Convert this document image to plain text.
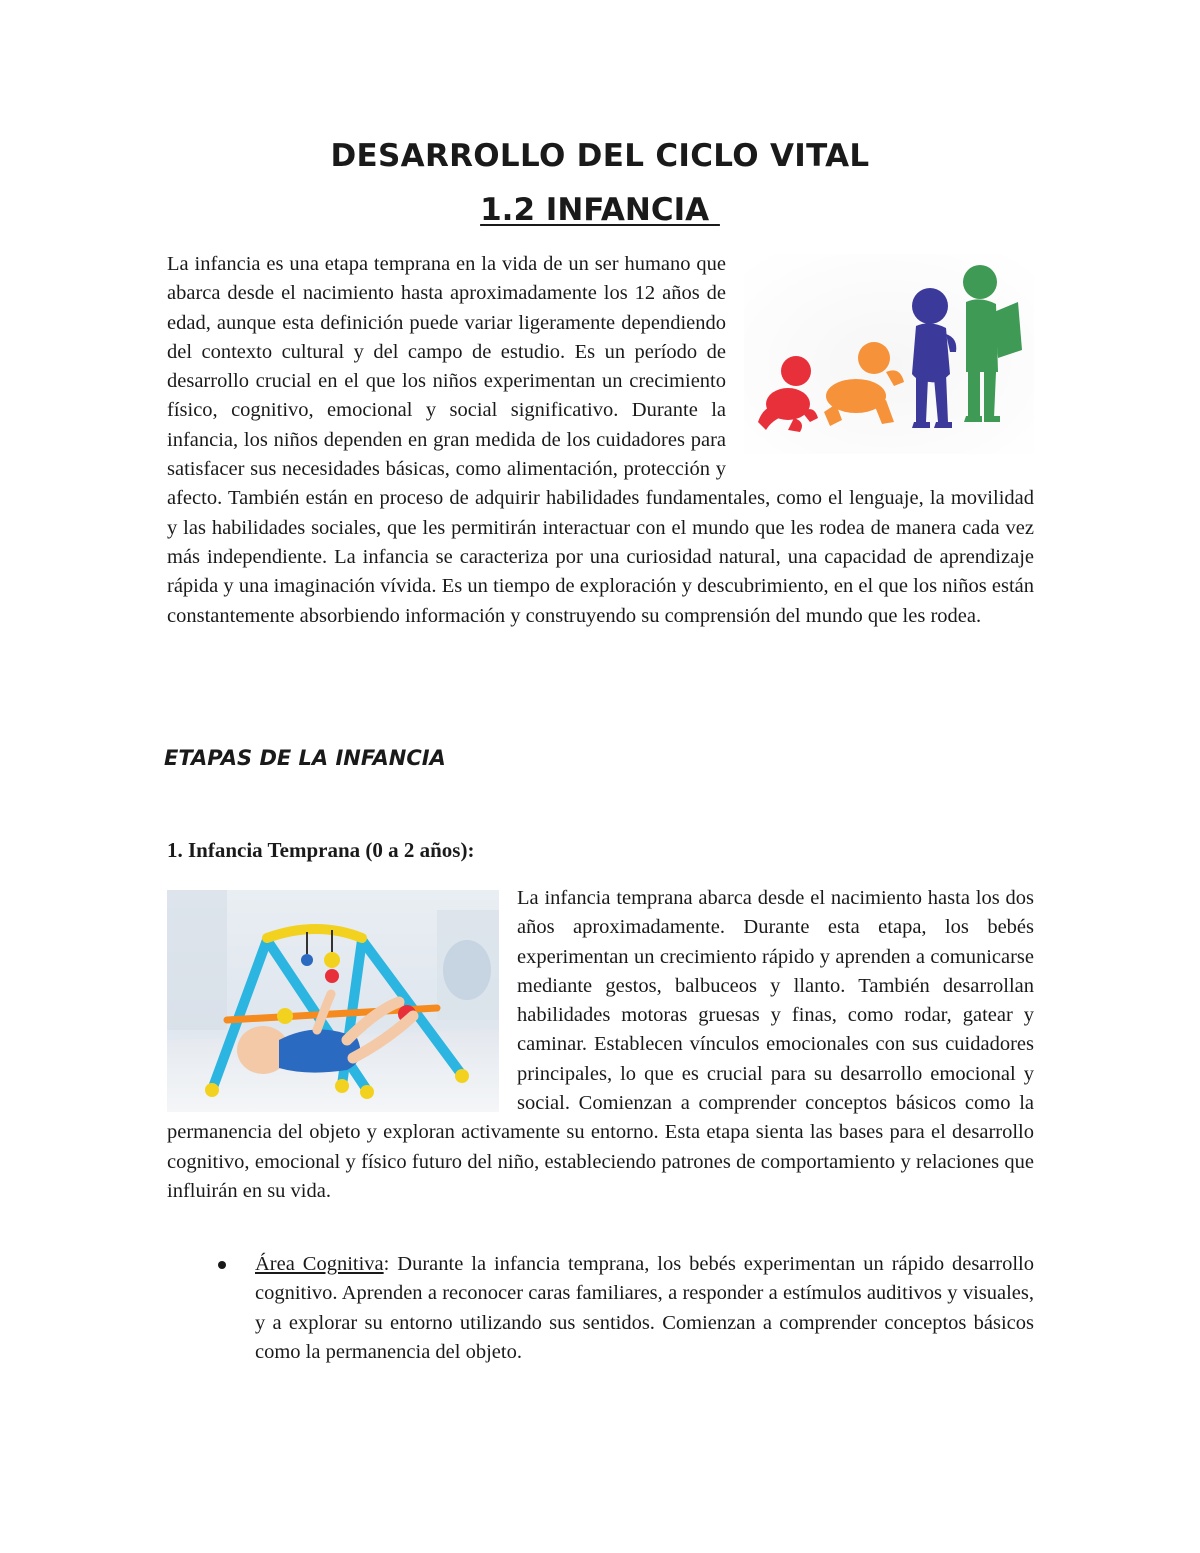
DESARROLLO DEL CICLO VITAL
1.2 INFANCIA

La infancia es una etapa temprana en la vida de un ser humano que abarca desde el nacimiento hasta aproximadamente los 12 años de edad, aunque esta definición puede variar ligeramente dependiendo del contexto cultural y del campo de estudio. Es un período de desarrollo crucial en el que los niños experimentan un crecimiento físico, cognitivo, emocional y social significativo. Durante la infancia, los niños dependen en gran medida de los cuidadores para satisfacer sus necesidades básicas, como alimentación, protección y afecto. También están en proceso de adquirir habilidades fundamentales, como el lenguaje, la movilidad y las habilidades sociales, que les permitirán interactuar con el mundo que les rodea de manera cada vez más independiente. La infancia se caracteriza por una curiosidad natural, una capacidad de aprendizaje rápida y una imaginación vívida. Es un tiempo de exploración y descubrimiento, en el que los niños están constantemente absorbiendo información y construyendo su comprensión del mundo que les rodea.

ETAPAS DE LA INFANCIA
1. Infancia Temprana (0 a 2 años):

La infancia temprana abarca desde el nacimiento hasta los dos años aproximadamente. Durante esta etapa, los bebés experimentan un crecimiento rápido y aprenden a comunicarse mediante gestos, balbuceos y llanto. También desarrollan habilidades motoras gruesas y finas, como rodar, gatear y caminar. Establecen vínculos emocionales con sus cuidadores principales, lo que es crucial para su desarrollo emocional y social. Comienzan a comprender conceptos básicos como la permanencia del objeto y exploran activamente su entorno. Esta etapa sienta las bases para el desarrollo cognitivo, emocional y físico futuro del niño, estableciendo patrones de comportamiento y relaciones que influirán en su vida.

Área Cognitiva: Durante la infancia temprana, los bebés experimentan un rápido desarrollo cognitivo. Aprenden a reconocer caras familiares, a responder a estímulos auditivos y visuales, y a explorar su entorno utilizando sus sentidos. Comienzan a comprender conceptos básicos como la permanencia del objeto.
